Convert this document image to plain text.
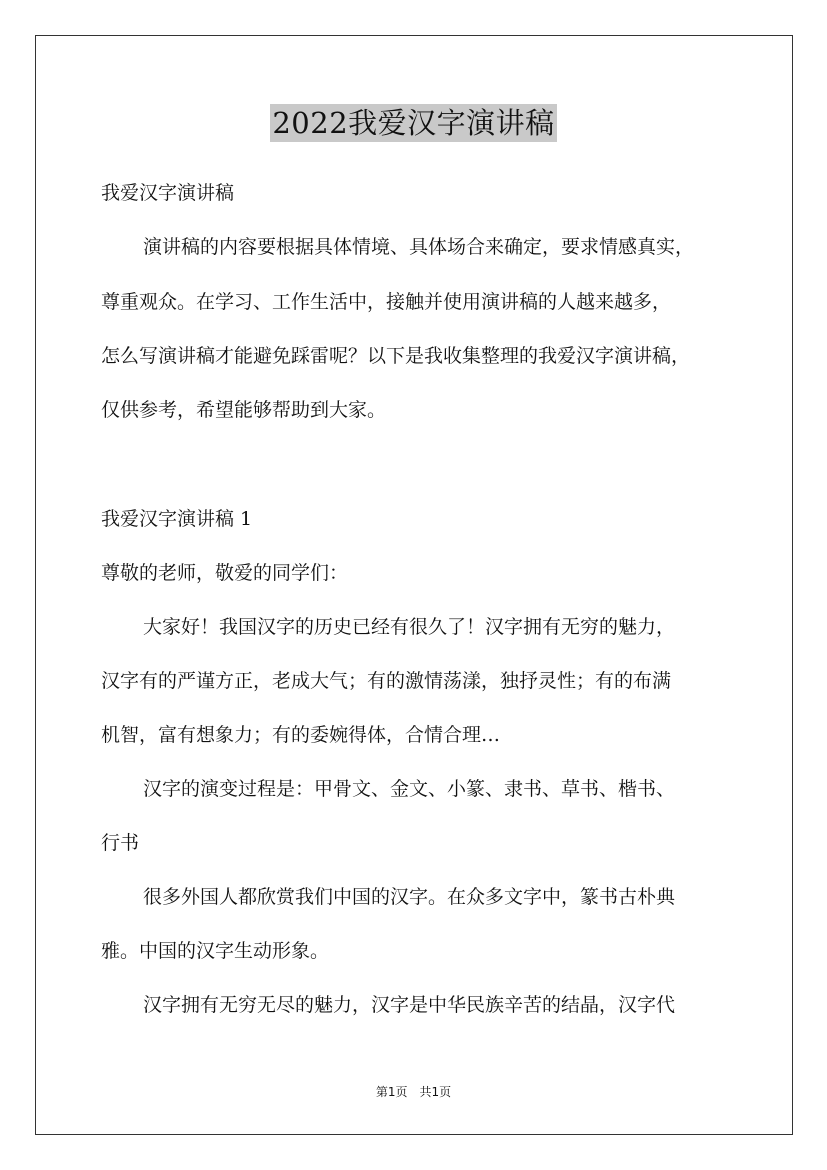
2022我爱汉字演讲稿
我爱汉字演讲稿
演讲稿的内容要根据具体情境、具体场合来确定，要求情感真实，
尊重观众。在学习、工作生活中，接触并使用演讲稿的人越来越多，
怎么写演讲稿才能避免踩雷呢？以下是我收集整理的我爱汉字演讲稿，
仅供参考，希望能够帮助到大家。
我爱汉字演讲稿 1
尊敬的老师，敬爱的同学们：
大家好！我国汉字的历史已经有很久了！汉字拥有无穷的魅力，
汉字有的严谨方正，老成大气；有的激情荡漾，独抒灵性；有的布满
机智，富有想象力；有的委婉得体，合情合理…
汉字的演变过程是：甲骨文、金文、小篆、隶书、草书、楷书、
行书
很多外国人都欣赏我们中国的汉字。在众多文字中，篆书古朴典
雅。中国的汉字生动形象。
汉字拥有无穷无尽的魅力，汉字是中华民族辛苦的结晶，汉字代
第1页　共1页
